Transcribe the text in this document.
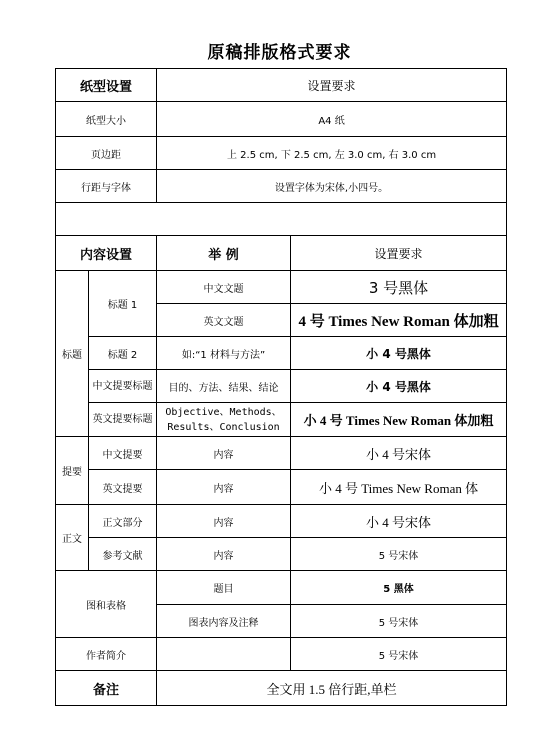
原稿排版格式要求
纸型设置		设置要求	
纸型大小		A4 纸	
页边距		上 2.5 cm, 下 2.5 cm, 左 3.0 cm, 右 3.0 cm	
行距与字体		设置字体为宋体,小四号。	

内容设置		举 例	设置要求
标题	标题 1	中文文题	3 号黑体
		英文文题	4 号 Times New Roman 体加粗
	标题 2	如:“1 材料与方法”	小 4 号黑体
	中文提要标题	目的、方法、结果、结论	小 4 号黑体
	英文提要标题	Objective、Methods、Results、Conclusion	小 4 号 Times New Roman 体加粗
提要	中文提要	内容	小 4 号宋体
	英文提要	内容	小 4 号 Times New Roman 体
正文	正文部分	内容	小 4 号宋体
	参考文献	内容	5 号宋体
图和表格		题目	5 黑体
		图表内容及注释	5 号宋体
作者简介			5 号宋体
备注		全文用 1.5 倍行距,单栏	
